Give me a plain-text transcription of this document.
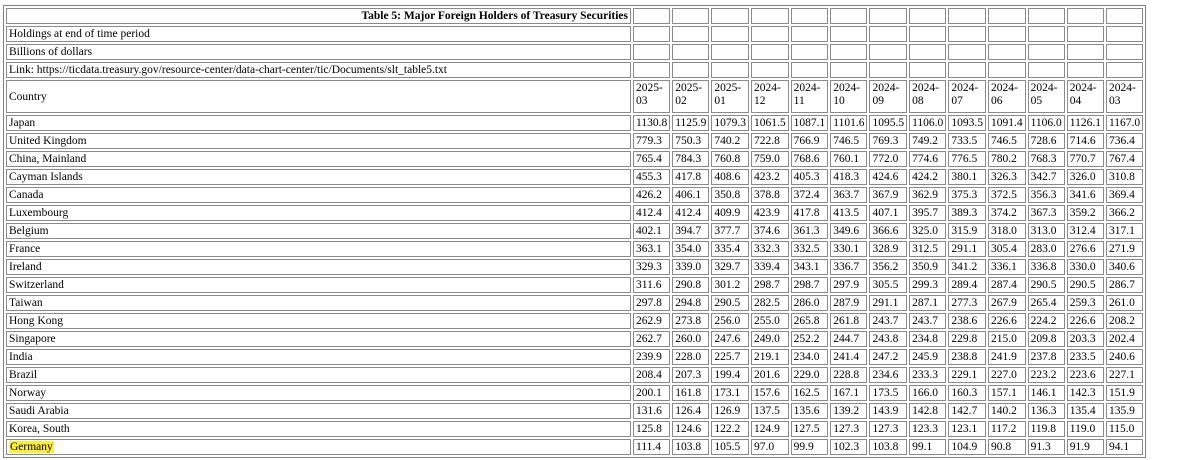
Table 5: Major Foreign Holders of Treasury Securities													
Holdings at end of time period													
Billions of dollars													
Link: https://ticdata.treasury.gov/resource-center/data-chart-center/tic/Documents/slt_table5.txt													
Country	2025-03	2025-02	2025-01	2024-12	2024-11	2024-10	2024-09	2024-08	2024-07	2024-06	2024-05	2024-04	2024-03
Japan	1130.8	1125.9	1079.3	1061.5	1087.1	1101.6	1095.5	1106.0	1093.5	1091.4	1106.0	1126.1	1167.0
United Kingdom	779.3	750.3	740.2	722.8	766.9	746.5	769.3	749.2	733.5	746.5	728.6	714.6	736.4
China, Mainland	765.4	784.3	760.8	759.0	768.6	760.1	772.0	774.6	776.5	780.2	768.3	770.7	767.4
Cayman Islands	455.3	417.8	408.6	423.2	405.3	418.3	424.6	424.2	380.1	326.3	342.7	326.0	310.8
Canada	426.2	406.1	350.8	378.8	372.4	363.7	367.9	362.9	375.3	372.5	356.3	341.6	369.4
Luxembourg	412.4	412.4	409.9	423.9	417.8	413.5	407.1	395.7	389.3	374.2	367.3	359.2	366.2
Belgium	402.1	394.7	377.7	374.6	361.3	349.6	366.6	325.0	315.9	318.0	313.0	312.4	317.1
France	363.1	354.0	335.4	332.3	332.5	330.1	328.9	312.5	291.1	305.4	283.0	276.6	271.9
Ireland	329.3	339.0	329.7	339.4	343.1	336.7	356.2	350.9	341.2	336.1	336.8	330.0	340.6
Switzerland	311.6	290.8	301.2	298.7	298.7	297.9	305.5	299.3	289.4	287.4	290.5	290.5	286.7
Taiwan	297.8	294.8	290.5	282.5	286.0	287.9	291.1	287.1	277.3	267.9	265.4	259.3	261.0
Hong Kong	262.9	273.8	256.0	255.0	265.8	261.8	243.7	243.7	238.6	226.6	224.2	226.6	208.2
Singapore	262.7	260.0	247.6	249.0	252.2	244.7	243.8	234.8	229.8	215.0	209.8	203.3	202.4
India	239.9	228.0	225.7	219.1	234.0	241.4	247.2	245.9	238.8	241.9	237.8	233.5	240.6
Brazil	208.4	207.3	199.4	201.6	229.0	228.8	234.6	233.3	229.1	227.0	223.2	223.6	227.1
Norway	200.1	161.8	173.1	157.6	162.5	167.1	173.5	166.0	160.3	157.1	146.1	142.3	151.9
Saudi Arabia	131.6	126.4	126.9	137.5	135.6	139.2	143.9	142.8	142.7	140.2	136.3	135.4	135.9
Korea, South	125.8	124.6	122.2	124.9	127.5	127.3	127.3	123.3	123.1	117.2	119.8	119.0	115.0
Germany	111.4	103.8	105.5	97.0	99.9	102.3	103.8	99.1	104.9	90.8	91.3	91.9	94.1
